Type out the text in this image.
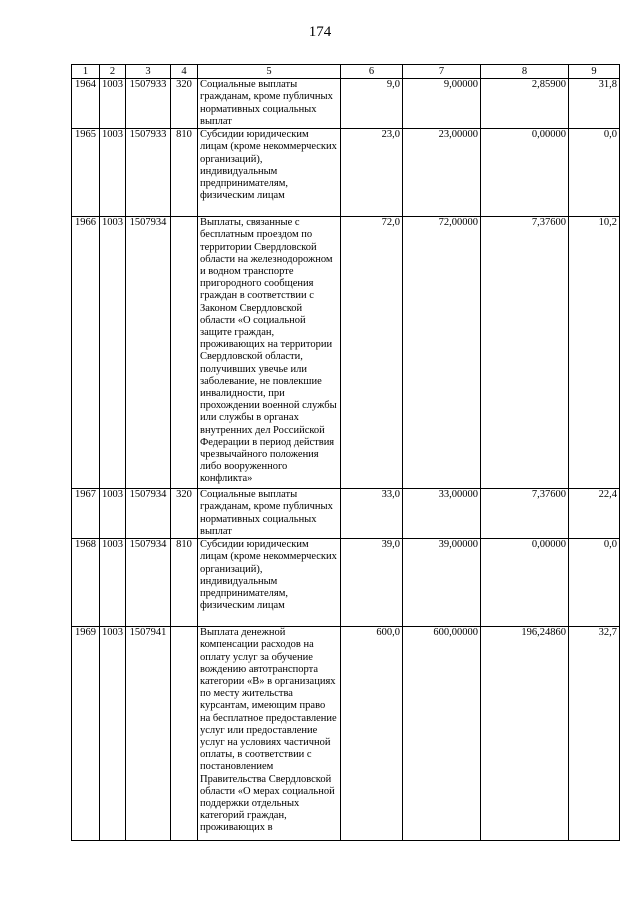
174
1	2	3	4	5	6	7	8	9
1964	1003	1507933	320	Социальные выплаты гражданам, кроме публичных нормативных социальных выплат	9,0	9,00000	2,85900	31,8
1965	1003	1507933	810	Субсидии юридическим лицам (кроме некоммерческих организаций), индивидуальным предпринимателям, физическим лицам	23,0	23,00000	0,00000	0,0
1966	1003	1507934		Выплаты, связанные с бесплатным проездом по территории Свердловской области на железнодорожном и водном транспорте пригородного сообщения граждан в соответствии с Законом Свердловской области «О социальной защите граждан, проживающих на территории Свердловской области, получивших увечье или заболевание, не повлекшие инвалидности, при прохождении военной службы или службы в органах внутренних дел Российской Федерации в период действия чрезвычайного положения либо вооруженного конфликта»	72,0	72,00000	7,37600	10,2
1967	1003	1507934	320	Социальные выплаты гражданам, кроме публичных нормативных социальных выплат	33,0	33,00000	7,37600	22,4
1968	1003	1507934	810	Субсидии юридическим лицам (кроме некоммерческих организаций), индивидуальным предпринимателям, физическим лицам	39,0	39,00000	0,00000	0,0
1969	1003	1507941		Выплата денежной компенсации расходов на оплату услуг за обучение вождению автотранспорта категории «В» в организациях по месту жительства курсантам, имеющим право на бесплатное предоставление услуг или предоставление услуг на условиях частичной оплаты, в соответствии с постановлением Правительства Свердловской области «О мерах социальной поддержки отдельных категорий граждан, проживающих в	600,0	600,00000	196,24860	32,7
